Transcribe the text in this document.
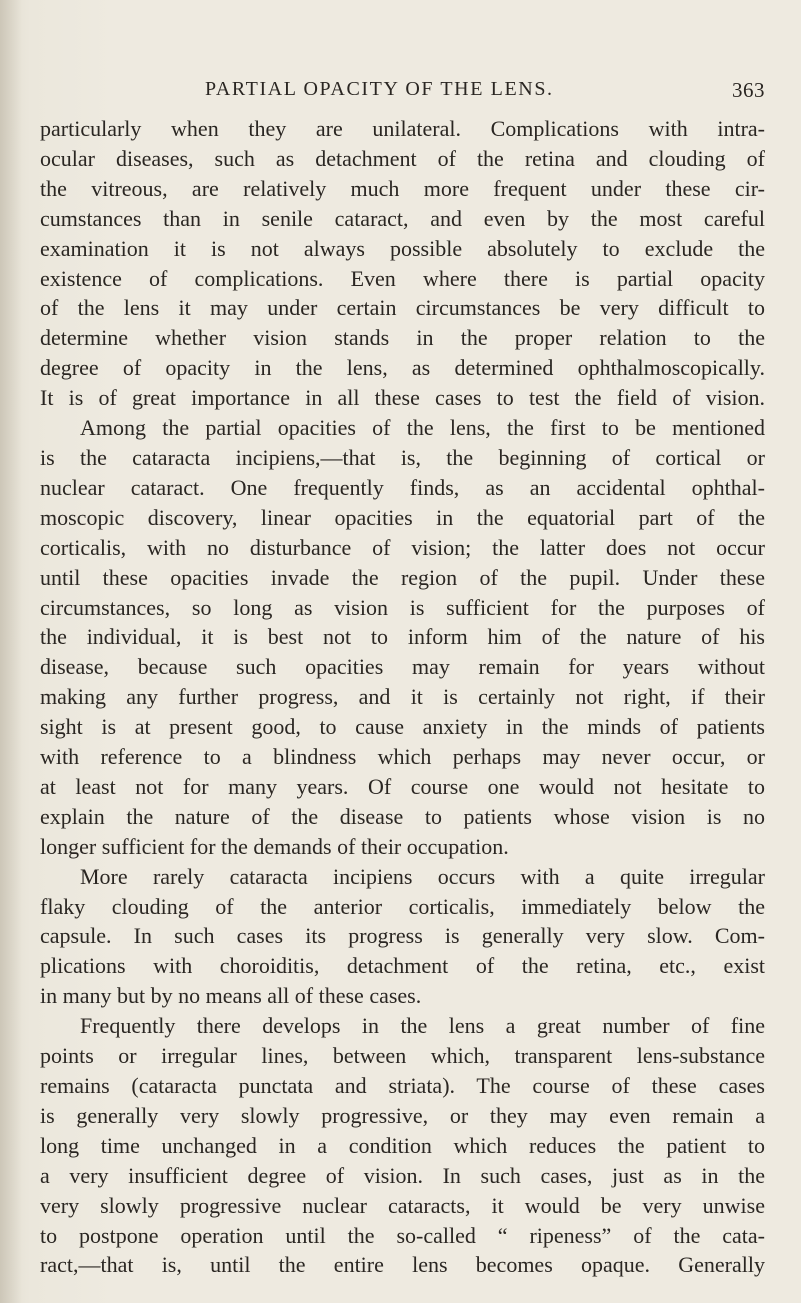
PARTIAL OPACITY OF THE LENS.	363

particularly when they are unilateral. Complications with intra-
ocular diseases, such as detachment of the retina and clouding of
the vitreous, are relatively much more frequent under these cir-
cumstances than in senile cataract, and even by the most careful
examination it is not always possible absolutely to exclude the
existence of complications. Even where there is partial opacity
of the lens it may under certain circumstances be very difficult to
determine whether vision stands in the proper relation to the
degree of opacity in the lens, as determined ophthalmoscopically.
It is of great importance in all these cases to test the field of vision.

Among the partial opacities of the lens, the first to be mentioned
is the cataracta incipiens,—that is, the beginning of cortical or
nuclear cataract. One frequently finds, as an accidental ophthal-
moscopic discovery, linear opacities in the equatorial part of the
corticalis, with no disturbance of vision; the latter does not occur
until these opacities invade the region of the pupil. Under these
circumstances, so long as vision is sufficient for the purposes of
the individual, it is best not to inform him of the nature of his
disease, because such opacities may remain for years without
making any further progress, and it is certainly not right, if their
sight is at present good, to cause anxiety in the minds of patients
with reference to a blindness which perhaps may never occur, or
at least not for many years. Of course one would not hesitate to
explain the nature of the disease to patients whose vision is no
longer sufficient for the demands of their occupation.

More rarely cataracta incipiens occurs with a quite irregular
flaky clouding of the anterior corticalis, immediately below the
capsule. In such cases its progress is generally very slow. Com-
plications with choroiditis, detachment of the retina, etc., exist
in many but by no means all of these cases.

Frequently there develops in the lens a great number of fine
points or irregular lines, between which, transparent lens-substance
remains (cataracta punctata and striata). The course of these cases
is generally very slowly progressive, or they may even remain a
long time unchanged in a condition which reduces the patient to
a very insufficient degree of vision. In such cases, just as in the
very slowly progressive nuclear cataracts, it would be very unwise
to postpone operation until the so-called “ ripeness” of the cata-
ract,—that is, until the entire lens becomes opaque. Generally
